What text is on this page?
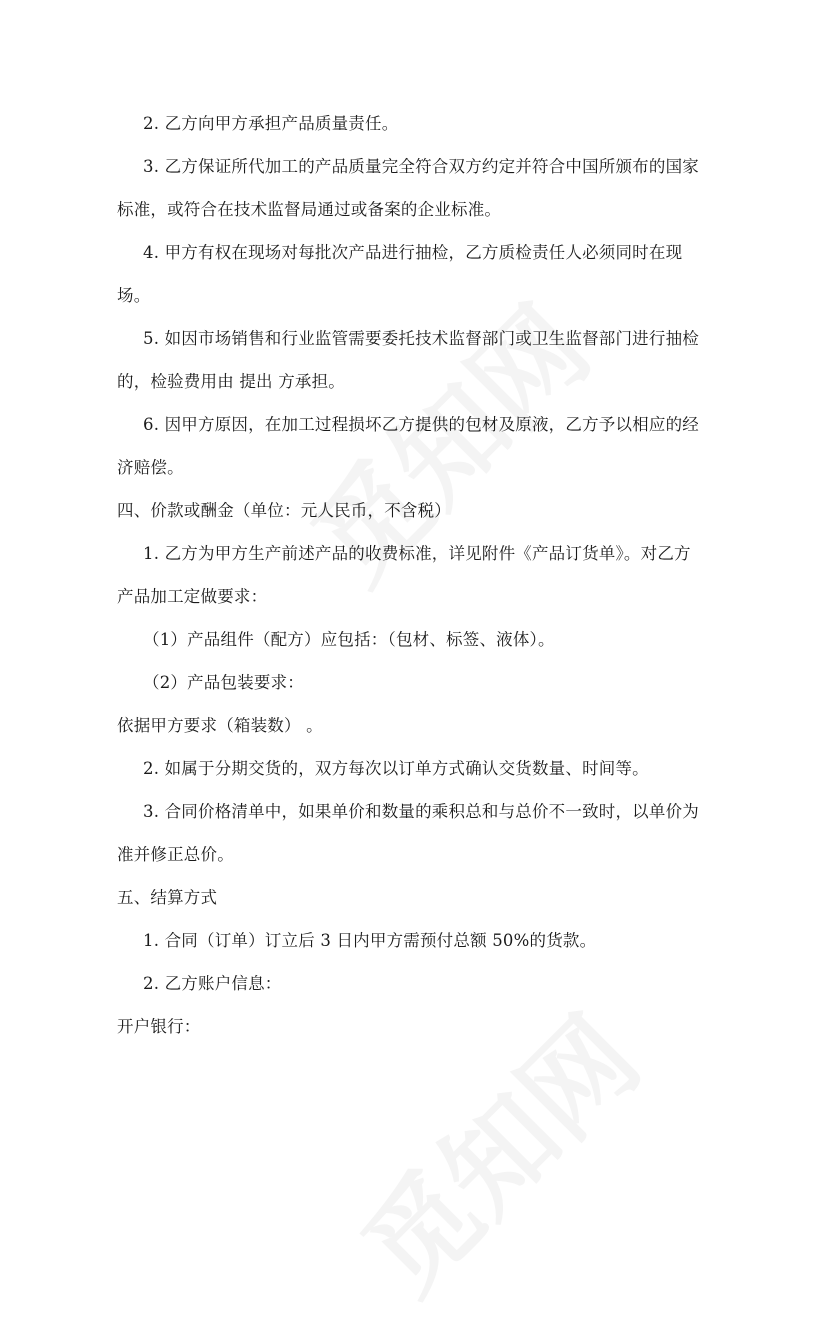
2. 乙方向甲方承担产品质量责任。
3. 乙方保证所代加工的产品质量完全符合双方约定并符合中国所颁布的国家
标准，或符合在技术监督局通过或备案的企业标准。
4. 甲方有权在现场对每批次产品进行抽检，乙方质检责任人必须同时在现
场。
5. 如因市场销售和行业监管需要委托技术监督部门或卫生监督部门进行抽检
的，检验费用由 提出 方承担。
6. 因甲方原因，在加工过程损坏乙方提供的包材及原液，乙方予以相应的经
济赔偿。
四、价款或酬金（单位：元人民币，不含税）
1. 乙方为甲方生产前述产品的收费标准，详见附件《产品订货单》。对乙方
产品加工定做要求：
（1）产品组件（配方）应包括：（包材、标签、液体）。
（2）产品包装要求：
依据甲方要求（箱装数） 。
2. 如属于分期交货的，双方每次以订单方式确认交货数量、时间等。
3. 合同价格清单中，如果单价和数量的乘积总和与总价不一致时，以单价为
准并修正总价。
五、结算方式
1. 合同（订单）订立后 3 日内甲方需预付总额 50%的货款。
2. 乙方账户信息：
开户银行：
